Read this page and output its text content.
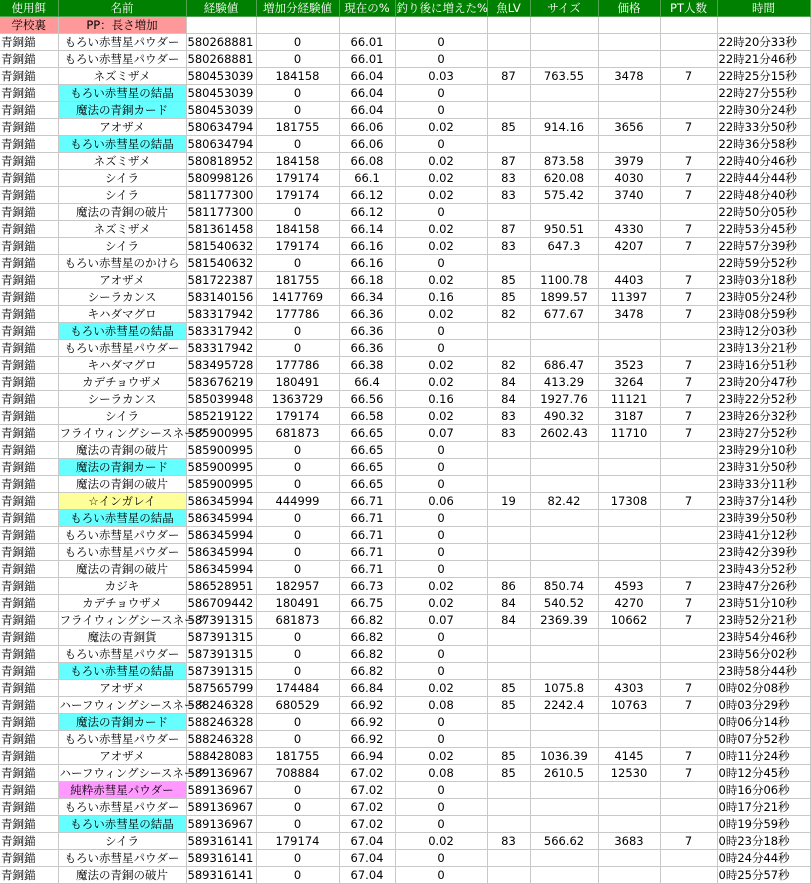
使用餌	名前	経験値	増加分経験値	現在の%	釣り後に増えた%	魚LV	サイズ	価格	PT人数	時間
学校裏	PP：長さ増加									
青銅錨	もろい赤彗星パウダー	580268881	0	66.01	0					22時20分33秒
青銅錨	もろい赤彗星パウダー	580268881	0	66.01	0					22時21分46秒
青銅錨	ネズミザメ	580453039	184158	66.04	0.03	87	763.55	3478	7	22時25分15秒
青銅錨	もろい赤彗星の結晶	580453039	0	66.04	0					22時27分55秒
青銅錨	魔法の青銅カード	580453039	0	66.04	0					22時30分24秒
青銅錨	アオザメ	580634794	181755	66.06	0.02	85	914.16	3656	7	22時33分50秒
青銅錨	もろい赤彗星の結晶	580634794	0	66.06	0					22時36分58秒
青銅錨	ネズミザメ	580818952	184158	66.08	0.02	87	873.58	3979	7	22時40分46秒
青銅錨	シイラ	580998126	179174	66.1	0.02	83	620.08	4030	7	22時44分44秒
青銅錨	シイラ	581177300	179174	66.12	0.02	83	575.42	3740	7	22時48分40秒
青銅錨	魔法の青銅の破片	581177300	0	66.12	0					22時50分05秒
青銅錨	ネズミザメ	581361458	184158	66.14	0.02	87	950.51	4330	7	22時53分45秒
青銅錨	シイラ	581540632	179174	66.16	0.02	83	647.3	4207	7	22時57分39秒
青銅錨	もろい赤彗星のかけら	581540632	0	66.16	0					22時59分52秒
青銅錨	アオザメ	581722387	181755	66.18	0.02	85	1100.78	4403	7	23時03分18秒
青銅錨	シーラカンス	583140156	1417769	66.34	0.16	85	1899.57	11397	7	23時05分24秒
青銅錨	キハダマグロ	583317942	177786	66.36	0.02	82	677.67	3478	7	23時08分59秒
青銅錨	もろい赤彗星の結晶	583317942	0	66.36	0					23時12分03秒
青銅錨	もろい赤彗星パウダー	583317942	0	66.36	0					23時13分21秒
青銅錨	キハダマグロ	583495728	177786	66.38	0.02	82	686.47	3523	7	23時16分51秒
青銅錨	カデチョウザメ	583676219	180491	66.4	0.02	84	413.29	3264	7	23時20分47秒
青銅錨	シーラカンス	585039948	1363729	66.56	0.16	84	1927.76	11121	7	23時22分52秒
青銅錨	シイラ	585219122	179174	66.58	0.02	83	490.32	3187	7	23時26分32秒
青銅錨	フライウィングシースネーク	585900995	681873	66.65	0.07	83	2602.43	11710	7	23時27分52秒
青銅錨	魔法の青銅の破片	585900995	0	66.65	0					23時29分10秒
青銅錨	魔法の青銅カード	585900995	0	66.65	0					23時31分50秒
青銅錨	魔法の青銅の破片	585900995	0	66.65	0					23時33分11秒
青銅錨	☆インガレイ	586345994	444999	66.71	0.06	19	82.42	17308	7	23時37分14秒
青銅錨	もろい赤彗星の結晶	586345994	0	66.71	0					23時39分50秒
青銅錨	もろい赤彗星パウダー	586345994	0	66.71	0					23時41分12秒
青銅錨	もろい赤彗星パウダー	586345994	0	66.71	0					23時42分39秒
青銅錨	魔法の青銅の破片	586345994	0	66.71	0					23時43分52秒
青銅錨	カジキ	586528951	182957	66.73	0.02	86	850.74	4593	7	23時47分26秒
青銅錨	カデチョウザメ	586709442	180491	66.75	0.02	84	540.52	4270	7	23時51分10秒
青銅錨	フライウィングシースネーク	587391315	681873	66.82	0.07	84	2369.39	10662	7	23時52分21秒
青銅錨	魔法の青銅貨	587391315	0	66.82	0					23時54分46秒
青銅錨	もろい赤彗星パウダー	587391315	0	66.82	0					23時56分02秒
青銅錨	もろい赤彗星の結晶	587391315	0	66.82	0					23時58分44秒
青銅錨	アオザメ	587565799	174484	66.84	0.02	85	1075.8	4303	7	0時02分08秒
青銅錨	ハーフウィングシースネーク	588246328	680529	66.92	0.08	85	2242.4	10763	7	0時03分29秒
青銅錨	魔法の青銅カード	588246328	0	66.92	0					0時06分14秒
青銅錨	もろい赤彗星パウダー	588246328	0	66.92	0					0時07分52秒
青銅錨	アオザメ	588428083	181755	66.94	0.02	85	1036.39	4145	7	0時11分24秒
青銅錨	ハーフウィングシースネーク	589136967	708884	67.02	0.08	85	2610.5	12530	7	0時12分45秒
青銅錨	純粋赤彗星パウダー	589136967	0	67.02	0					0時16分06秒
青銅錨	もろい赤彗星パウダー	589136967	0	67.02	0					0時17分21秒
青銅錨	もろい赤彗星の結晶	589136967	0	67.02	0					0時19分59秒
青銅錨	シイラ	589316141	179174	67.04	0.02	83	566.62	3683	7	0時23分18秒
青銅錨	もろい赤彗星パウダー	589316141	0	67.04	0					0時24分44秒
青銅錨	魔法の青銅の破片	589316141	0	67.04	0					0時25分57秒
